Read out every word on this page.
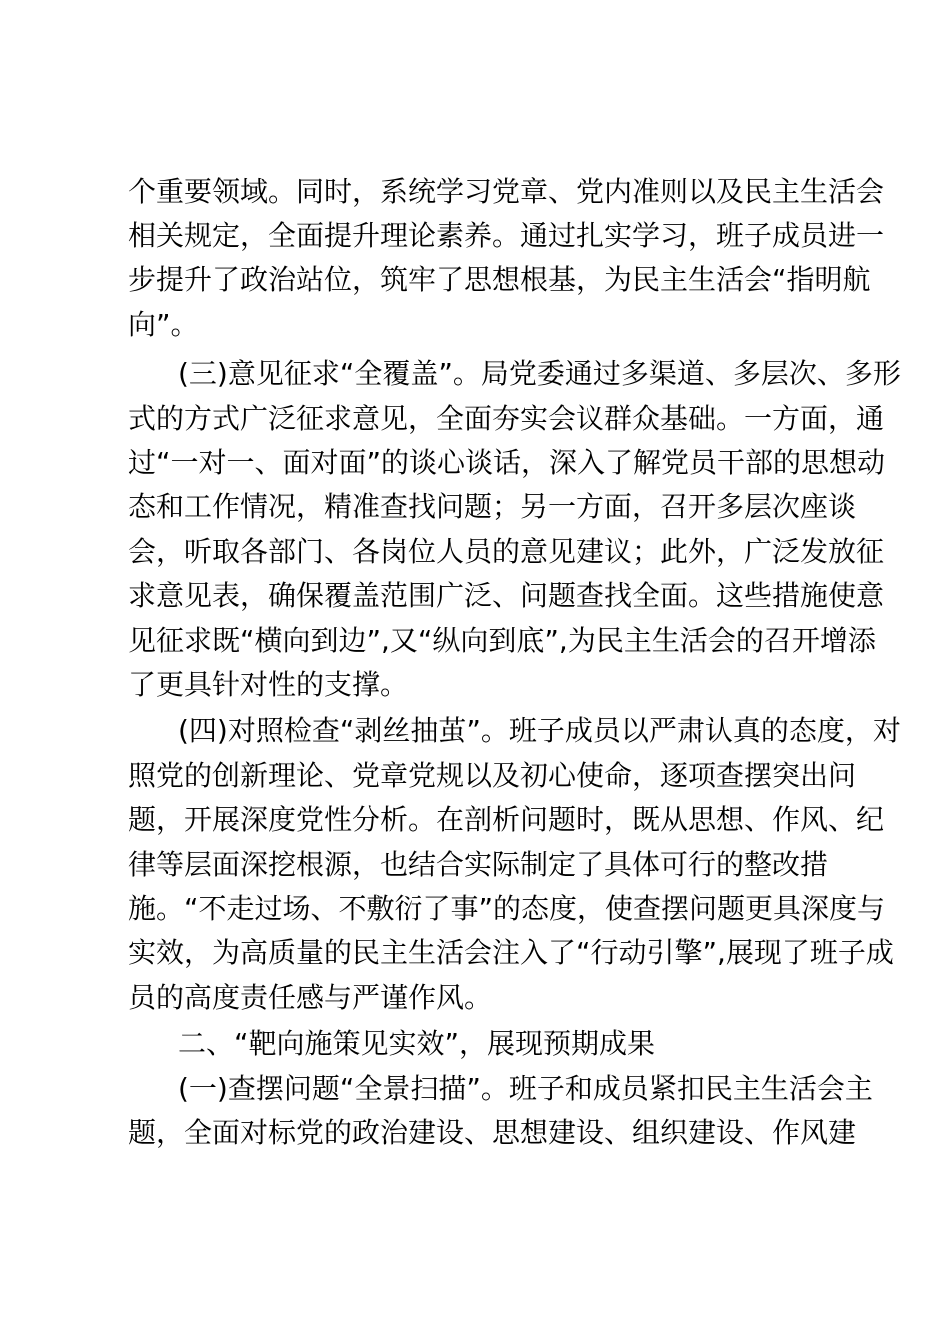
个重要领域。同时，系统学习党章、党内准则以及民主生活会
相关规定，全面提升理论素养。通过扎实学习，班子成员进一
步提升了政治站位，筑牢了思想根基，为民主生活会“指明航
向”。
(三)意见征求“全覆盖”。局党委通过多渠道、多层次、多形
式的方式广泛征求意见，全面夯实会议群众基础。一方面，通
过“一对一、面对面”的谈心谈话，深入了解党员干部的思想动
态和工作情况，精准查找问题；另一方面，召开多层次座谈
会，听取各部门、各岗位人员的意见建议；此外，广泛发放征
求意见表，确保覆盖范围广泛、问题查找全面。这些措施使意
见征求既“横向到边”,又“纵向到底”,为民主生活会的召开增添
了更具针对性的支撑。
(四)对照检查“剥丝抽茧”。班子成员以严肃认真的态度，对
照党的创新理论、党章党规以及初心使命，逐项查摆突出问
题，开展深度党性分析。在剖析问题时，既从思想、作风、纪
律等层面深挖根源，也结合实际制定了具体可行的整改措
施。“不走过场、不敷衍了事”的态度，使查摆问题更具深度与
实效，为高质量的民主生活会注入了“行动引擎”,展现了班子成
员的高度责任感与严谨作风。
二、“靶向施策见实效”，展现预期成果
(一)查摆问题“全景扫描”。班子和成员紧扣民主生活会主
题，全面对标党的政治建设、思想建设、组织建设、作风建
